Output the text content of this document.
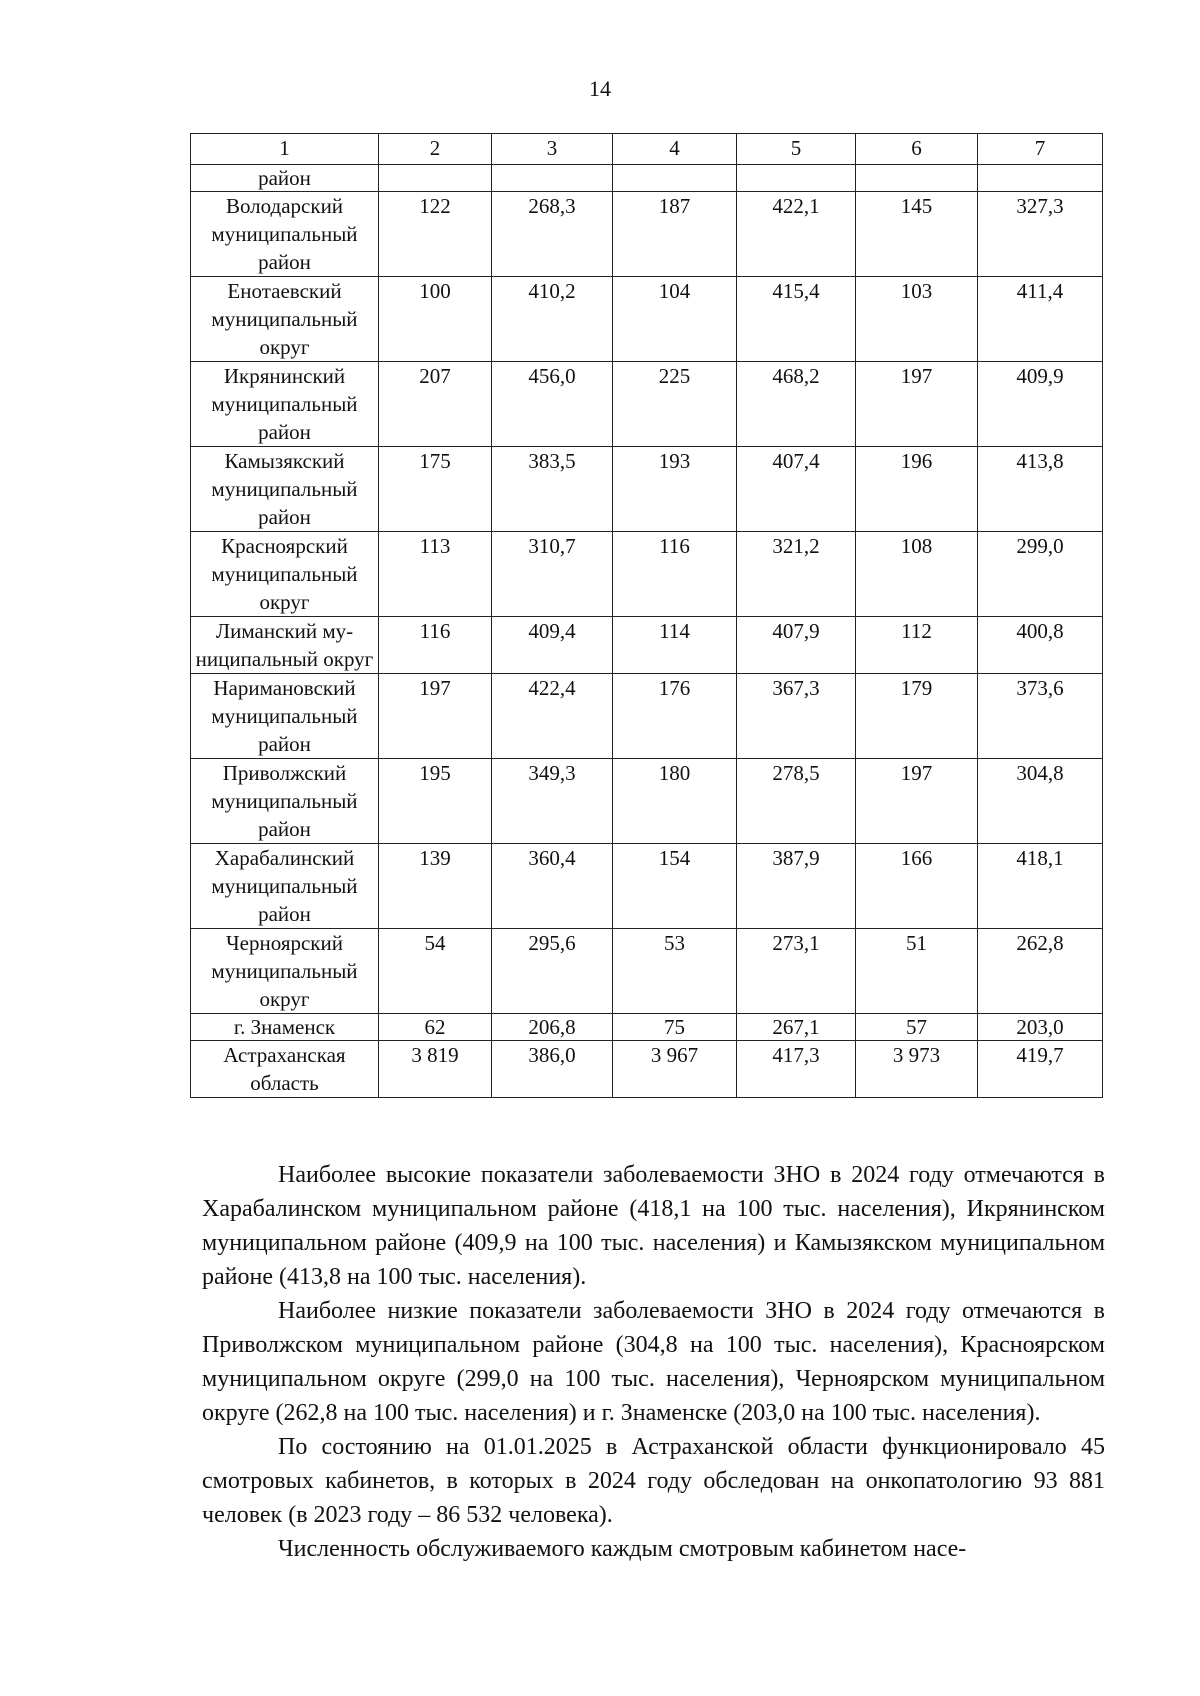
14
1	2	3	4	5	6	7
район						
Володарский муниципальный район	122	268,3	187	422,1	145	327,3
Енотаевский муниципальный округ	100	410,2	104	415,4	103	411,4
Икрянинский муниципальный район	207	456,0	225	468,2	197	409,9
Камызякский муниципальный район	175	383,5	193	407,4	196	413,8
Красноярский муниципальный округ	113	310,7	116	321,2	108	299,0
Лиманский му-ниципальный округ	116	409,4	114	407,9	112	400,8
Наримановский муниципальный район	197	422,4	176	367,3	179	373,6
Приволжский муниципальный район	195	349,3	180	278,5	197	304,8
Харабалинский муниципальный район	139	360,4	154	387,9	166	418,1
Черноярский муниципальный округ	54	295,6	53	273,1	51	262,8
г. Знаменск	62	206,8	75	267,1	57	203,0
Астраханская область	3 819	386,0	3 967	417,3	3 973	419,7

Наиболее высокие показатели заболеваемости ЗНО в 2024 году отмечаются в Харабалинском муниципальном районе (418,1 на 100 тыс. населения), Икрянинском муниципальном районе (409,9 на 100 тыс. населения) и Камызякском муниципальном районе (413,8 на 100 тыс. населения).

Наиболее низкие показатели заболеваемости ЗНО в 2024 году отмечаются в Приволжском муниципальном районе (304,8 на 100 тыс. населения), Красноярском муниципальном округе (299,0 на 100 тыс. населения), Черноярском муниципальном округе (262,8 на 100 тыс. населения) и г. Знаменске (203,0 на 100 тыс. населения).

По состоянию на 01.01.2025 в Астраханской области функционировало 45 смотровых кабинетов, в которых в 2024 году обследован на онкопатологию 93 881 человек (в 2023 году – 86 532 человека).

Численность обслуживаемого каждым смотровым кабинетом насе-
